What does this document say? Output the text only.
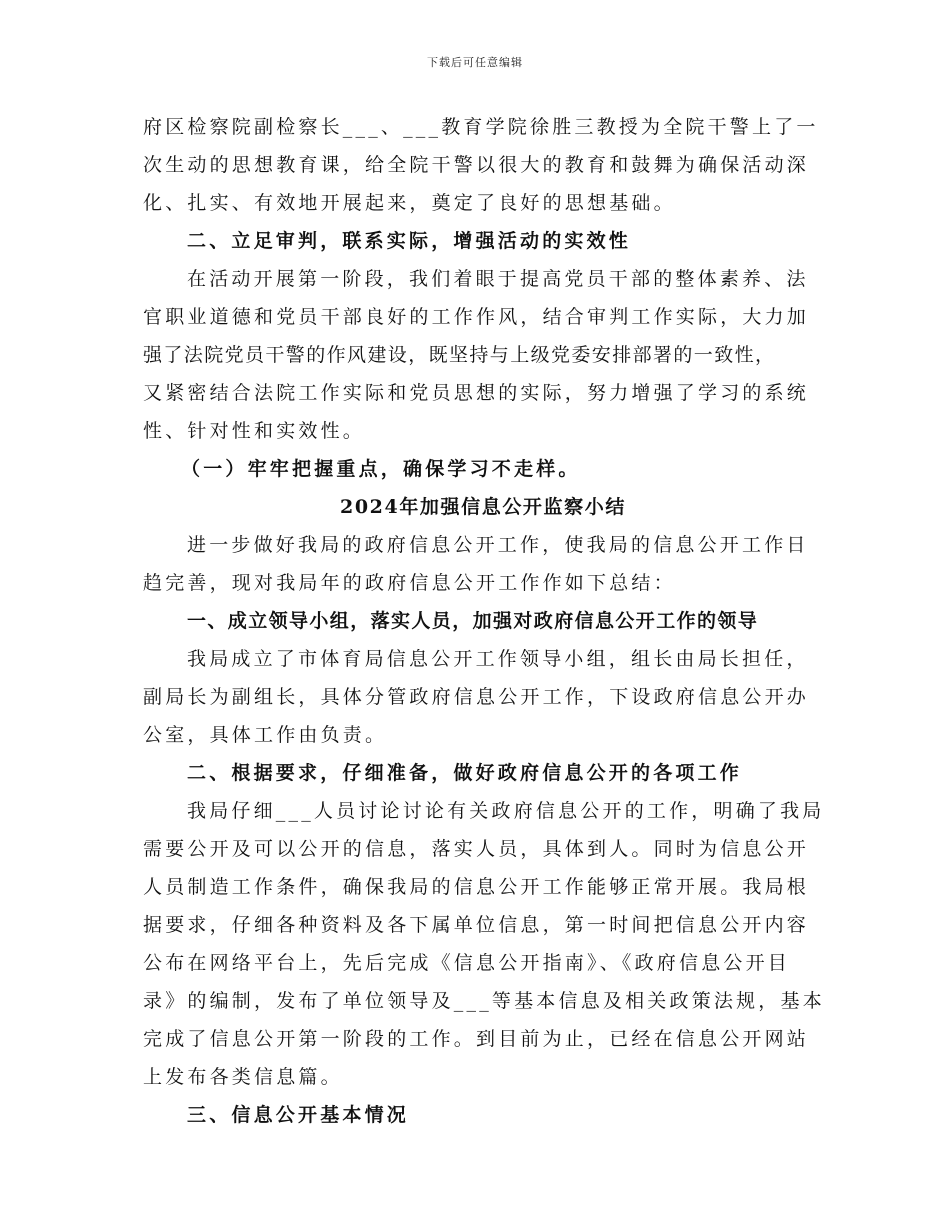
下载后可任意编辑
府区检察院副检察长___、___教育学院徐胜三教授为全院干警上了一
次生动的思想教育课，给全院干警以很大的教育和鼓舞为确保活动深
化、扎实、有效地开展起来，奠定了良好的思想基础。
二、立足审判，联系实际，增强活动的实效性
在活动开展第一阶段，我们着眼于提高党员干部的整体素养、法
官职业道德和党员干部良好的工作作风，结合审判工作实际，大力加
强了法院党员干警的作风建设，既坚持与上级党委安排部署的一致性，
又紧密结合法院工作实际和党员思想的实际，努力增强了学习的系统
性、针对性和实效性。
（一）牢牢把握重点，确保学习不走样。
2024年加强信息公开监察小结
进一步做好我局的政府信息公开工作，使我局的信息公开工作日
趋完善，现对我局年的政府信息公开工作作如下总结：
一、成立领导小组，落实人员，加强对政府信息公开工作的领导
我局成立了市体育局信息公开工作领导小组，组长由局长担任，
副局长为副组长，具体分管政府信息公开工作，下设政府信息公开办
公室，具体工作由负责。
二、根据要求，仔细准备，做好政府信息公开的各项工作
我局仔细___人员讨论讨论有关政府信息公开的工作，明确了我局
需要公开及可以公开的信息，落实人员，具体到人。同时为信息公开
人员制造工作条件，确保我局的信息公开工作能够正常开展。我局根
据要求，仔细各种资料及各下属单位信息，第一时间把信息公开内容
公布在网络平台上，先后完成《信息公开指南》、《政府信息公开目
录》的编制，发布了单位领导及___等基本信息及相关政策法规，基本
完成了信息公开第一阶段的工作。到目前为止，已经在信息公开网站
上发布各类信息篇。
三、信息公开基本情况
